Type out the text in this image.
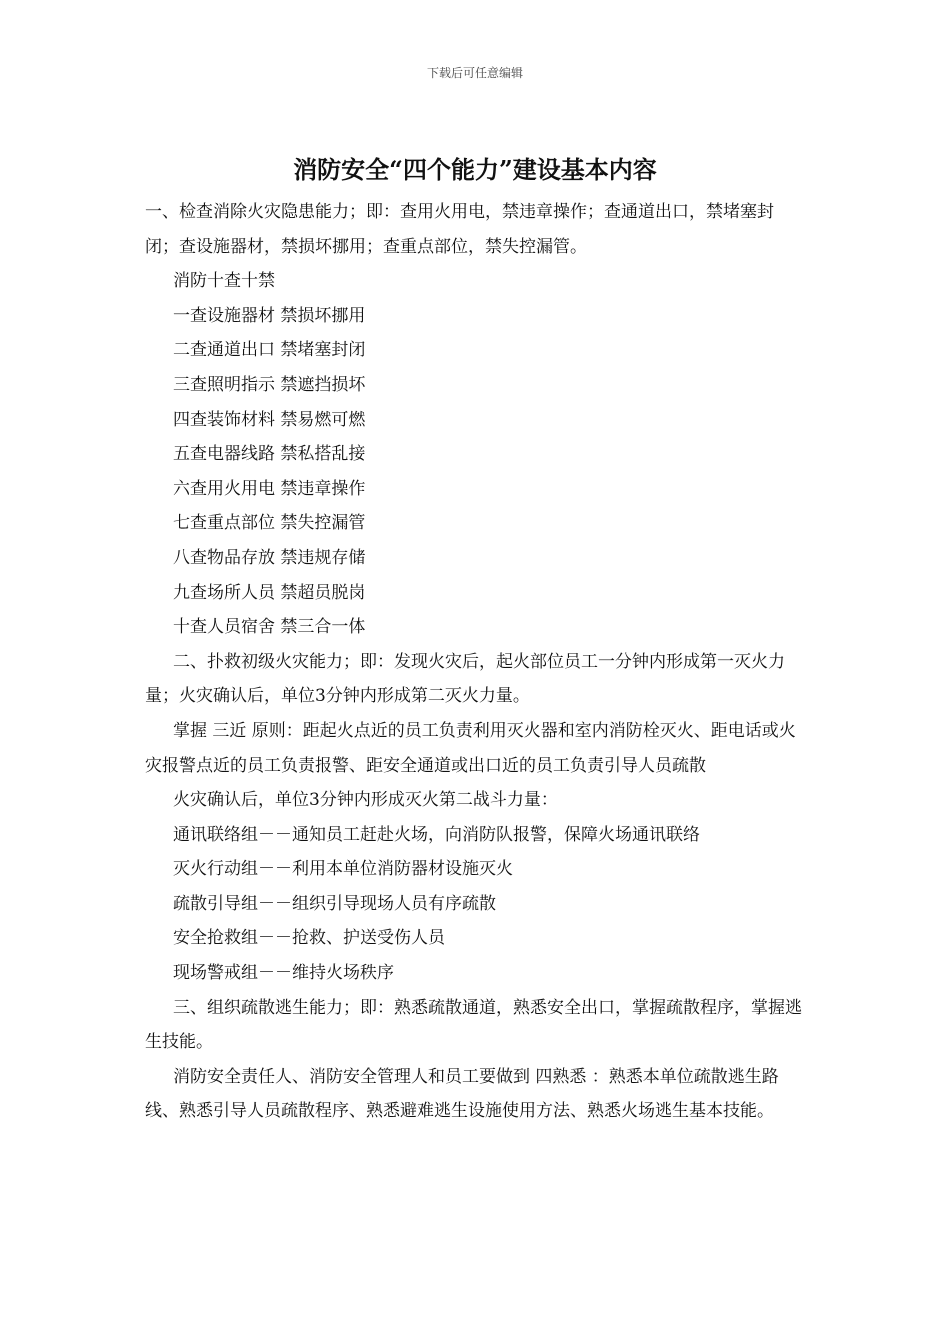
下载后可任意编辑
消防安全“四个能力”建设基本内容

一、检查消除火灾隐患能力；即：查用火用电，禁违章操作；查通道出口，禁堵塞封闭；查设施器材，禁损坏挪用；查重点部位，禁失控漏管。

消防十查十禁

一查设施器材 禁损坏挪用

二查通道出口 禁堵塞封闭

三查照明指示 禁遮挡损坏

四查装饰材料 禁易燃可燃

五查电器线路 禁私搭乱接

六查用火用电 禁违章操作

七查重点部位 禁失控漏管

八查物品存放 禁违规存储

九查场所人员 禁超员脱岗

十查人员宿舍 禁三合一体

二、扑救初级火灾能力；即：发现火灾后，起火部位员工一分钟内形成第一灭火力量；火灾确认后，单位3分钟内形成第二灭火力量。

掌握 三近 原则：距起火点近的员工负责利用灭火器和室内消防栓灭火、距电话或火灾报警点近的员工负责报警、距安全通道或出口近的员工负责引导人员疏散

火灾确认后，单位3分钟内形成灭火第二战斗力量：

通讯联络组－－通知员工赶赴火场，向消防队报警，保障火场通讯联络

灭火行动组－－利用本单位消防器材设施灭火

疏散引导组－－组织引导现场人员有序疏散

安全抢救组－－抢救、护送受伤人员

现场警戒组－－维持火场秩序

三、组织疏散逃生能力；即：熟悉疏散通道，熟悉安全出口，掌握疏散程序，掌握逃生技能。

消防安全责任人、消防安全管理人和员工要做到 四熟悉 ：熟悉本单位疏散逃生路线、熟悉引导人员疏散程序、熟悉避难逃生设施使用方法、熟悉火场逃生基本技能。
